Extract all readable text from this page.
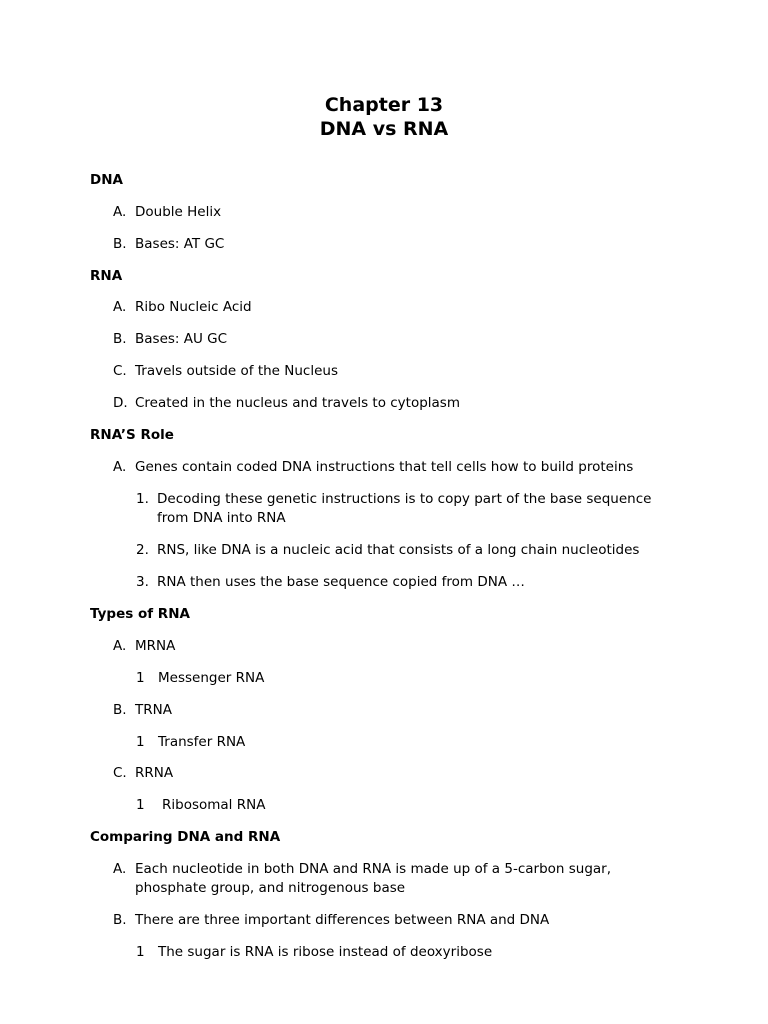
Chapter 13
DNA vs RNA
DNA
A. Double Helix
B. Bases: AT GC
RNA
A. Ribo Nucleic Acid
B. Bases: AU GC
C. Travels outside of the Nucleus
D. Created in the nucleus and travels to cytoplasm
RNA’S Role
A. Genes contain coded DNA instructions that tell cells how to build proteins
1. Decoding these genetic instructions is to copy part of the base sequence
from DNA into RNA
2. RNS, like DNA is a nucleic acid that consists of a long chain nucleotides
3. RNA then uses the base sequence copied from DNA …
Types of RNA
A. MRNA
1 Messenger RNA
B. TRNA
1 Transfer RNA
C. RRNA
1 Ribosomal RNA
Comparing DNA and RNA
A. Each nucleotide in both DNA and RNA is made up of a 5-carbon sugar,
phosphate group, and nitrogenous base
B. There are three important differences between RNA and DNA
1 The sugar is RNA is ribose instead of deoxyribose
